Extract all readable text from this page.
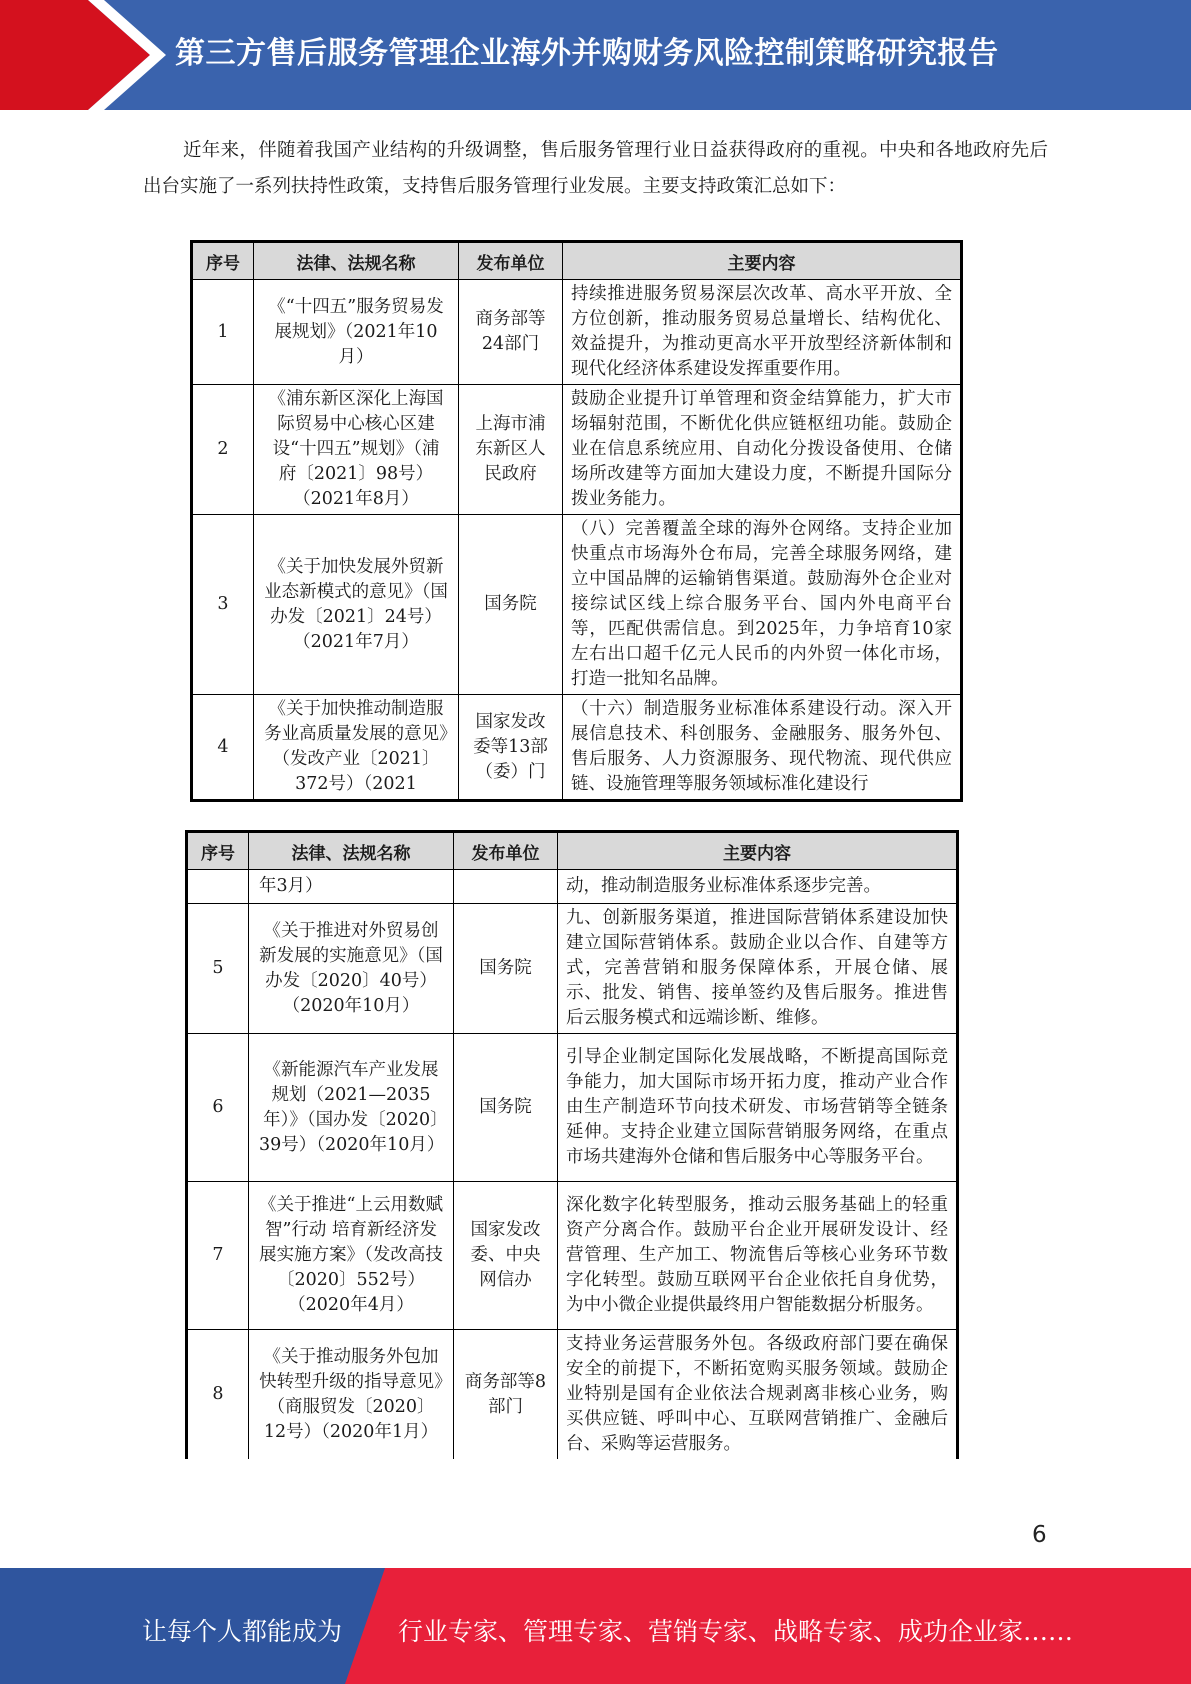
第三方售后服务管理企业海外并购财务风险控制策略研究报告
近年来，伴随着我国产业结构的升级调整，售后服务管理行业日益获得政府的重视。中央和各地政府先后出台实施了一系列扶持性政策，支持售后服务管理行业发展。主要支持政策汇总如下：
序号	法律、法规名称	发布单位	主要内容
1	《“十四五”服务贸易发展规划》（2021年10月）	商务部等24部门	持续推进服务贸易深层次改革、高水平开放、全方位创新，推动服务贸易总量增长、结构优化、效益提升，为推动更高水平开放型经济新体制和现代化经济体系建设发挥重要作用。
2	《浦东新区深化上海国际贸易中心核心区建设“十四五”规划》（浦府〔2021〕98号）（2021年8月）	上海市浦东新区人民政府	鼓励企业提升订单管理和资金结算能力，扩大市场辐射范围，不断优化供应链枢纽功能。鼓励企业在信息系统应用、自动化分拨设备使用、仓储场所改建等方面加大建设力度，不断提升国际分拨业务能力。
3	《关于加快发展外贸新业态新模式的意见》（国办发〔2021〕24号）（2021年7月）	国务院	（八）完善覆盖全球的海外仓网络。支持企业加快重点市场海外仓布局，完善全球服务网络，建立中国品牌的运输销售渠道。鼓励海外仓企业对接综试区线上综合服务平台、国内外电商平台等，匹配供需信息。到2025年，力争培育10家左右出口超千亿元人民币的内外贸一体化市场，打造一批知名品牌。
4	《关于加快推动制造服务业高质量发展的意见》（发改产业〔2021〕372号）（2021	国家发改委等13部（委）门	（十六）制造服务业标准体系建设行动。深入开展信息技术、科创服务、金融服务、服务外包、售后服务、人力资源服务、现代物流、现代供应链、设施管理等服务领域标准化建设行
序号	法律、法规名称	发布单位	主要内容
	年3月）		动，推动制造服务业标准体系逐步完善。
5	《关于推进对外贸易创新发展的实施意见》（国办发〔2020〕40号）（2020年10月）	国务院	九、创新服务渠道，推进国际营销体系建设加快建立国际营销体系。鼓励企业以合作、自建等方式，完善营销和服务保障体系，开展仓储、展示、批发、销售、接单签约及售后服务。推进售后云服务模式和远端诊断、维修。
6	《新能源汽车产业发展规划（2021—2035年）》（国办发〔2020〕39号）（2020年10月）	国务院	引导企业制定国际化发展战略，不断提高国际竞争能力，加大国际市场开拓力度，推动产业合作由生产制造环节向技术研发、市场营销等全链条延伸。支持企业建立国际营销服务网络，在重点市场共建海外仓储和售后服务中心等服务平台。
7	《关于推进“上云用数赋智”行动 培育新经济发展实施方案》（发改高技〔2020〕552号）（2020年4月）	国家发改委、中央网信办	深化数字化转型服务，推动云服务基础上的轻重资产分离合作。鼓励平台企业开展研发设计、经营管理、生产加工、物流售后等核心业务环节数字化转型。鼓励互联网平台企业依托自身优势，为中小微企业提供最终用户智能数据分析服务。
8	《关于推动服务外包加快转型升级的指导意见》（商服贸发〔2020〕12号）（2020年1月）	商务部等8部门	支持业务运营服务外包。各级政府部门要在确保安全的前提下，不断拓宽购买服务领域。鼓励企业特别是国有企业依法合规剥离非核心业务，购买供应链、呼叫中心、互联网营销推广、金融后台、采购等运营服务。
6
让每个人都能成为 行业专家、管理专家、营销专家、战略专家、成功企业家……
